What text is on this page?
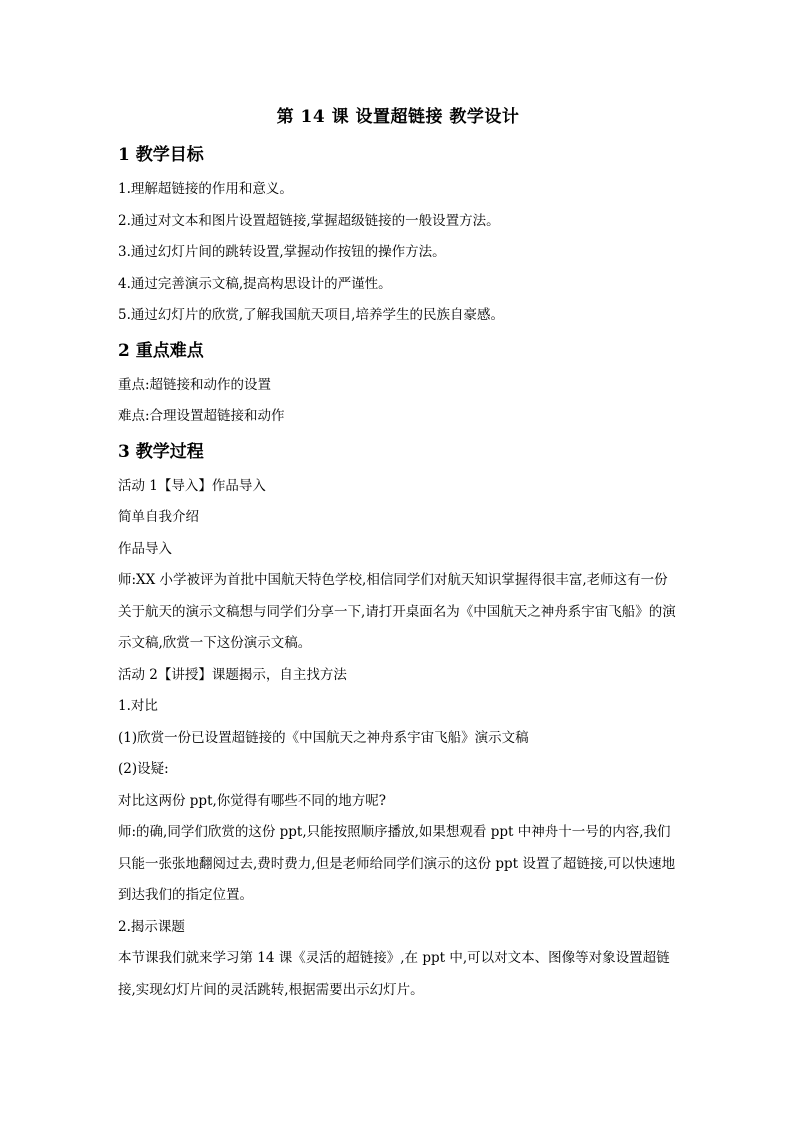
第 14 课 设置超链接 教学设计
1 教学目标

1.理解超链接的作用和意义。

2.通过对文本和图片设置超链接,掌握超级链接的一般设置方法。

3.通过幻灯片间的跳转设置,掌握动作按钮的操作方法。

4.通过完善演示文稿,提高构思设计的严谨性。

5.通过幻灯片的欣赏,了解我国航天项目,培养学生的民族自豪感。

2 重点难点

重点:超链接和动作的设置

难点:合理设置超链接和动作

3 教学过程

活动 1【导入】作品导入

简单自我介绍

作品导入

师:XX 小学被评为首批中国航天特色学校,相信同学们对航天知识掌握得很丰富,老师这有一份关于航天的演示文稿想与同学们分享一下,请打开桌面名为《中国航天之神舟系宇宙飞船》的演示文稿,欣赏一下这份演示文稿。

活动 2【讲授】课题揭示，自主找方法

1.对比

(1)欣赏一份已设置超链接的《中国航天之神舟系宇宙飞船》演示文稿

(2)设疑:

对比这两份 ppt,你觉得有哪些不同的地方呢?

师:的确,同学们欣赏的这份 ppt,只能按照顺序播放,如果想观看 ppt 中神舟十一号的内容,我们只能一张张地翻阅过去,费时费力,但是老师给同学们演示的这份 ppt 设置了超链接,可以快速地到达我们的指定位置。

2.揭示课题

本节课我们就来学习第 14 课《灵活的超链接》,在 ppt 中,可以对文本、图像等对象设置超链接,实现幻灯片间的灵活跳转,根据需要出示幻灯片。
